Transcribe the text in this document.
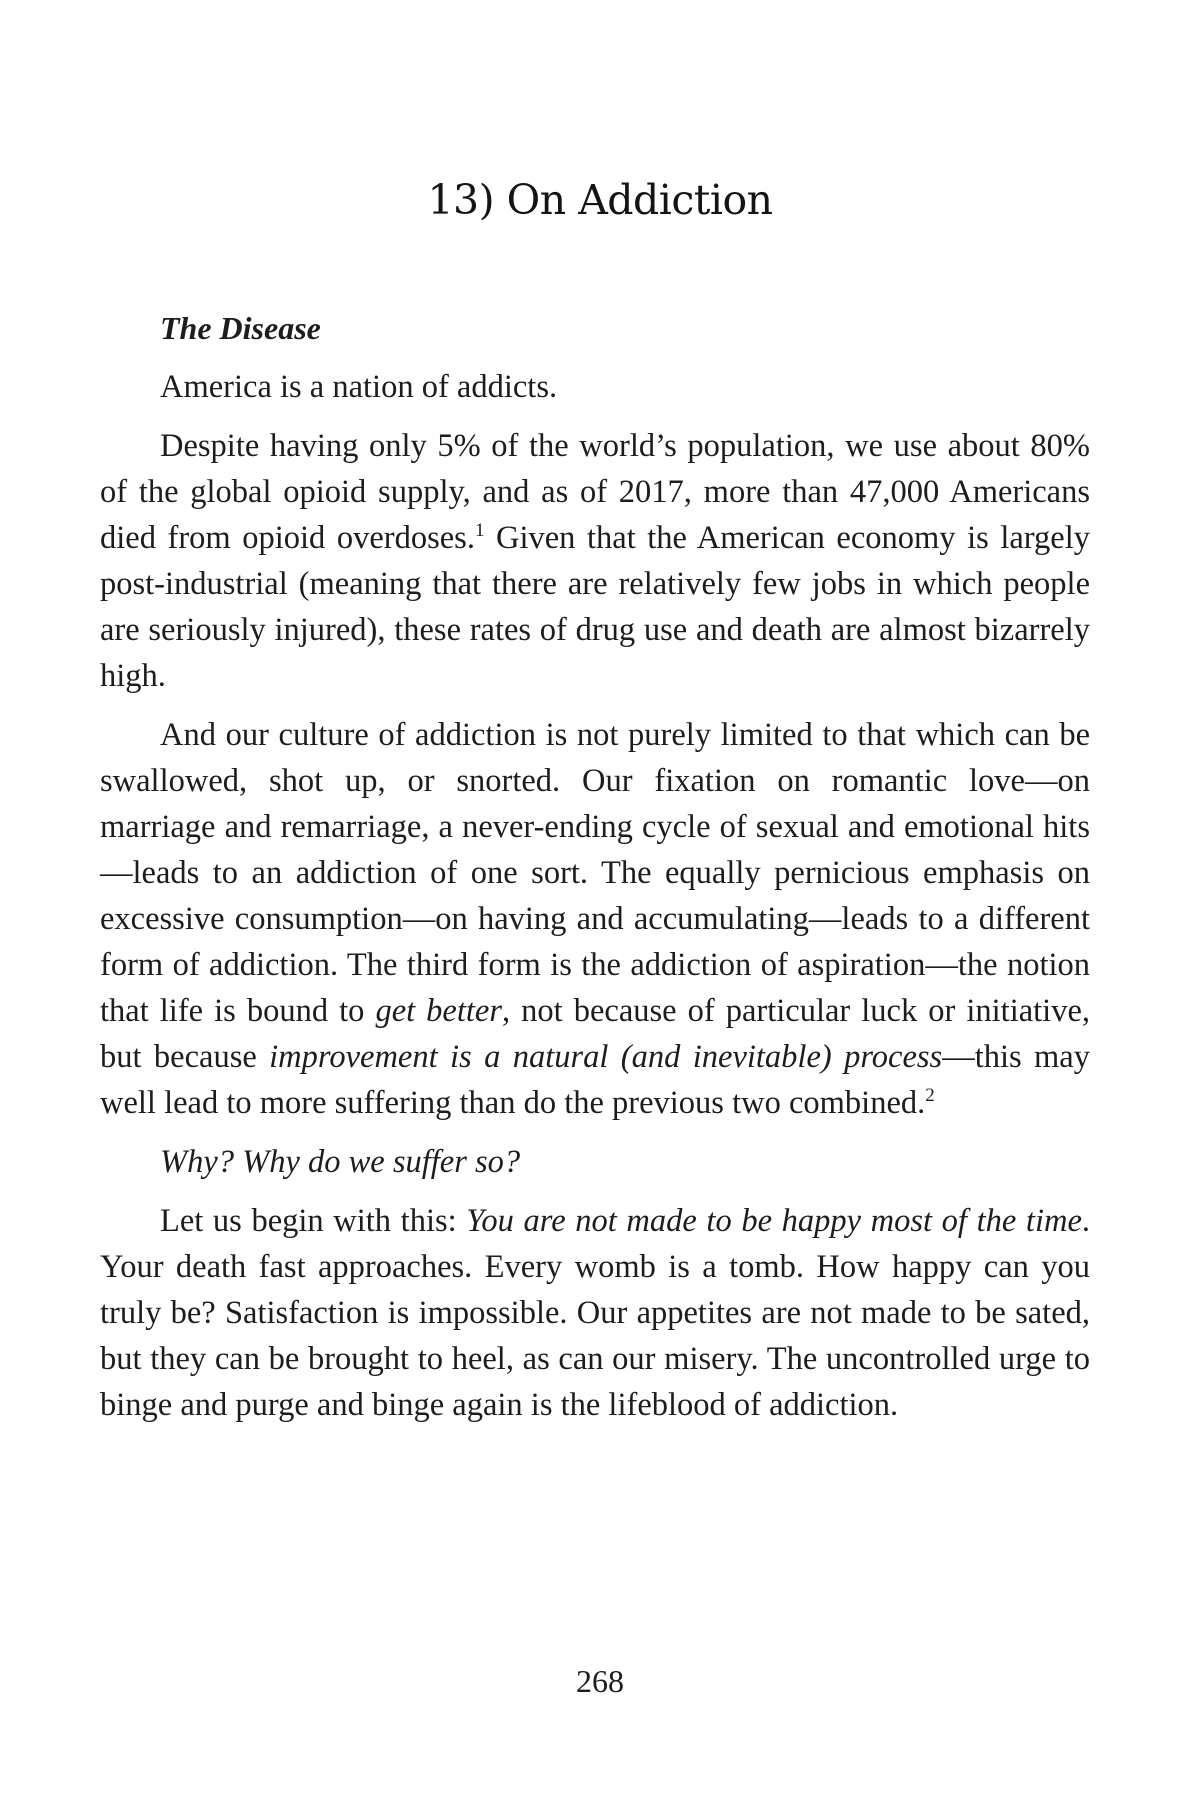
13) On Addiction
The Disease

America is a nation of addicts.

Despite having only 5% of the world’s population, we use about 80% of the global opioid supply, and as of 2017, more than 47,000 Americans died from opioid overdoses.$^1$ Given that the American economy is largely post-industrial (meaning that there are relatively few jobs in which people are seriously injured), these rates of drug use and death are almost bizarrely high.

And our culture of addiction is not purely limited to that which can be swallowed, shot up, or snorted. Our fixation on romantic love—on marriage and remarriage, a never-ending cycle of sexual and emotional hits—leads to an addiction of one sort. The equally pernicious emphasis on excessive consumption—on having and accumulating—leads to a different form of addiction. The third form is the addiction of aspiration—the notion that life is bound to get better, not because of particular luck or initiative, but because improvement is a natural (and inevitable) process—this may well lead to more suffering than do the previous two combined.$^2$

Why? Why do we suffer so?

Let us begin with this: You are not made to be happy most of the time. Your death fast approaches. Every womb is a tomb. How happy can you truly be? Satisfaction is impossible. Our appetites are not made to be sated, but they can be brought to heel, as can our misery. The uncontrolled urge to binge and purge and binge again is the lifeblood of addiction.

268
